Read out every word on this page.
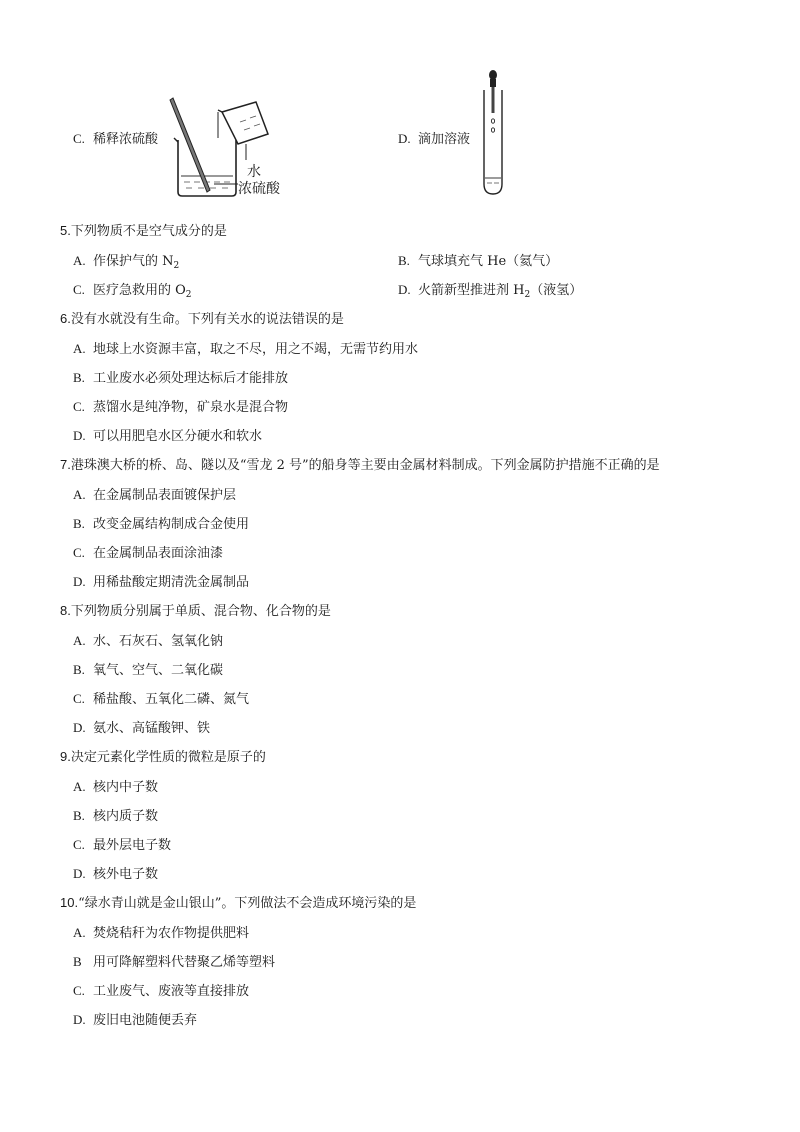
C. 稀释浓硫酸
水
浓硫酸
D. 滴加溶液
5.下列物质不是空气成分的是
A. 作保护气的 $N_2$	B. 气球填充气 He（氦气）
C. 医疗急救用的 $O_2$	D. 火箭新型推进剂 $H_2$（液氢）
6.没有水就没有生命。下列有关水的说法错误的是
A. 地球上水资源丰富，取之不尽，用之不竭，无需节约用水
B. 工业废水必须处理达标后才能排放
C. 蒸馏水是纯净物，矿泉水是混合物
D. 可以用肥皂水区分硬水和软水
7.港珠澳大桥的桥、岛、隧以及“雪龙 2 号”的船身等主要由金属材料制成。下列金属防护措施不正确的是
A. 在金属制品表面镀保护层
B. 改变金属结构制成合金使用
C. 在金属制品表面涂油漆
D. 用稀盐酸定期清洗金属制品
8.下列物质分别属于单质、混合物、化合物的是
A. 水、石灰石、氢氧化钠
B. 氧气、空气、二氧化碳
C. 稀盐酸、五氧化二磷、氮气
D. 氨水、高锰酸钾、铁
9.决定元素化学性质的微粒是原子的
A. 核内中子数
B. 核内质子数
C. 最外层电子数
D. 核外电子数
10.“绿水青山就是金山银山”。下列做法不会造成环境污染的是
A. 焚烧秸秆为农作物提供肥料
B 用可降解塑料代替聚乙烯等塑料
C. 工业废气、废液等直接排放
D. 废旧电池随便丢弃
